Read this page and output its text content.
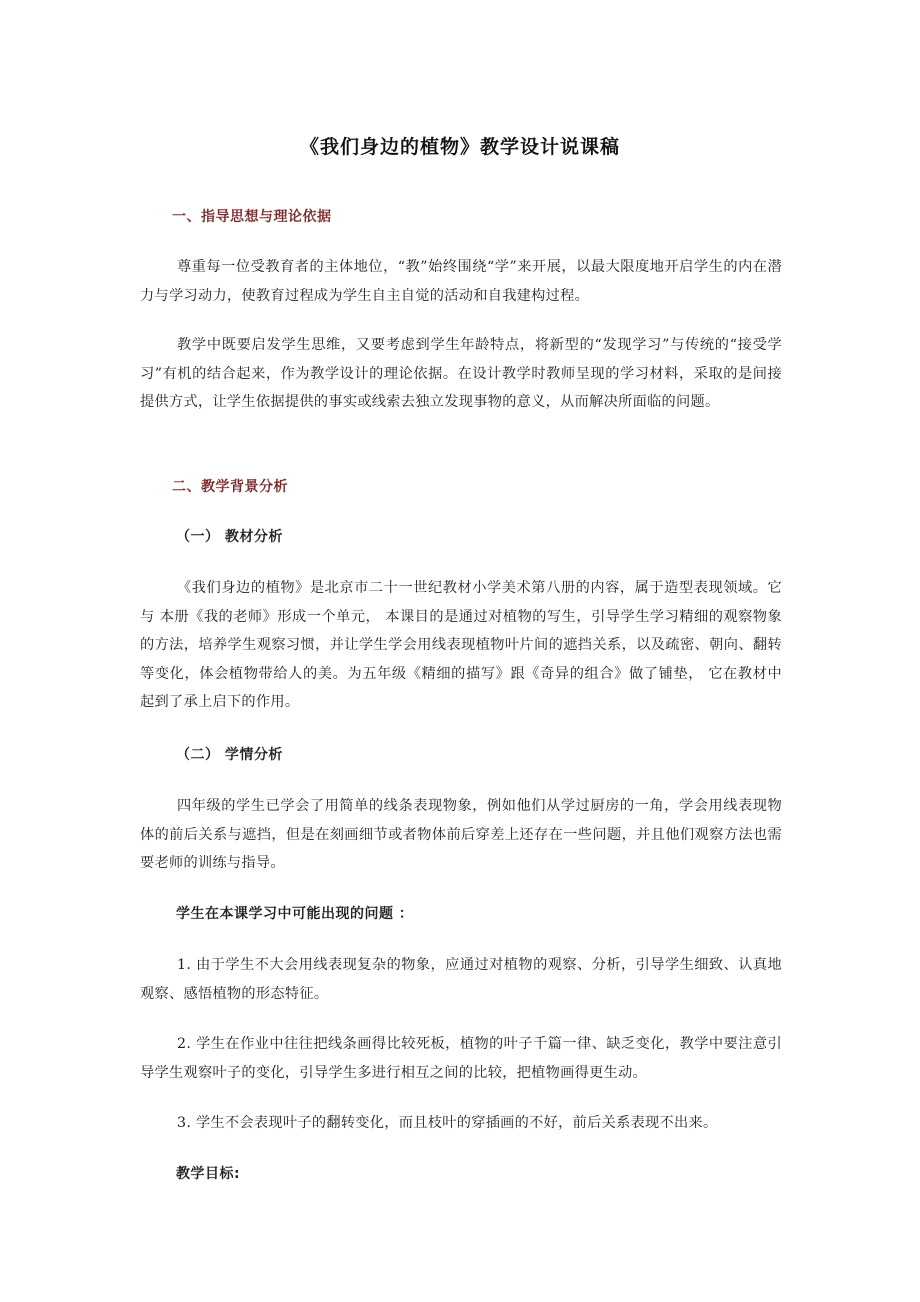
《我们身边的植物》教学设计说课稿
一、指导思想与理论依据

尊重每一位受教育者的主体地位，“教”始终围绕“学”来开展，以最大限度地开启学生的内在潜力与学习动力，使教育过程成为学生自主自觉的活动和自我建构过程。

教学中既要启发学生思维，又要考虑到学生年龄特点，将新型的“发现学习”与传统的“接受学习”有机的结合起来，作为教学设计的理论依据。在设计教学时教师呈现的学习材料，采取的是间接提供方式，让学生依据提供的事实或线索去独立发现事物的意义，从而解决所面临的问题。

二、教学背景分析
（一） 教材分析

《我们身边的植物》是北京市二十一世纪教材小学美术第八册的内容，属于造型表现领域。它与 本册《我的老师》形成一个单元， 本课目的是通过对植物的写生，引导学生学习精细的观察物象的方法，培养学生观察习惯，并让学生学会用线表现植物叶片间的遮挡关系，以及疏密、朝向、翻转等变化，体会植物带给人的美。为五年级《精细的描写》跟《奇异的组合》做了铺垫， 它在教材中起到了承上启下的作用。

（二） 学情分析

四年级的学生已学会了用简单的线条表现物象，例如他们从学过厨房的一角，学会用线表现物体的前后关系与遮挡，但是在刻画细节或者物体前后穿差上还存在一些问题，并且他们观察方法也需要老师的训练与指导。

学生在本课学习中可能出现的问题 ：

1. 由于学生不大会用线表现复杂的物象，应通过对植物的观察、分析，引导学生细致、认真地观察、感悟植物的形态特征。

2. 学生在作业中往往把线条画得比较死板，植物的叶子千篇一律、缺乏变化，教学中要注意引导学生观察叶子的变化，引导学生多进行相互之间的比较，把植物画得更生动。

3. 学生不会表现叶子的翻转变化，而且枝叶的穿插画的不好，前后关系表现不出来。

教学目标:
